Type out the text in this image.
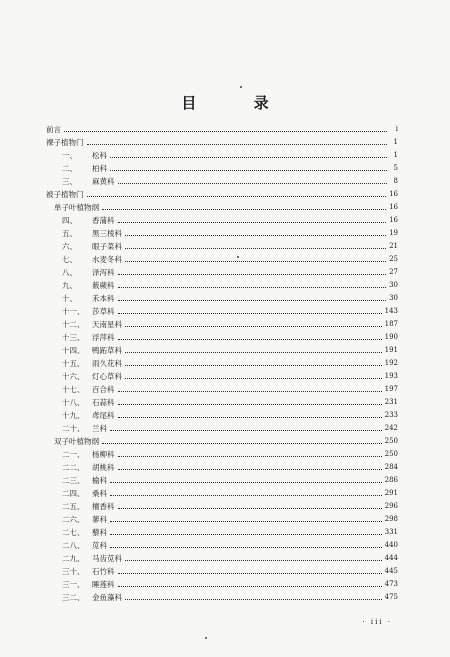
目 录
前言	i
裸子植物门	1
一、 松科	1
二、 柏科	5
三、 麻黄科	8
被子植物门	16
单子叶植物纲	16
四、 香蒲科	16
五、 黑三棱科	19
六、 眼子菜科	21
七、 水麦冬科	25
八、 泽泻科	27
九、 薮蕨科	30
十、 禾本科	30
十一、 莎草科	143
十二、 天南星科	187
十三、 浮萍科	190
十四、 鸭跖草科	191
十五、 雨久花科	192
十六、 灯心草科	193
十七、 百合科	197
十八、 石蒜科	231
十九、 鸢尾科	233
二十、 兰科	242
双子叶植物纲	250
二一、 杨柳科	250
二二、 胡桃科	284
二三、 榆科	286
二四、 桑科	291
二五、 檀香科	296
二六、 蓼科	298
二七、 藜科	331
二八、 苋科	440
二九、 马齿苋科	444
三十、 石竹科	445
三一、 睡莲科	473
三二、 金鱼藻科	475
· iii ·
